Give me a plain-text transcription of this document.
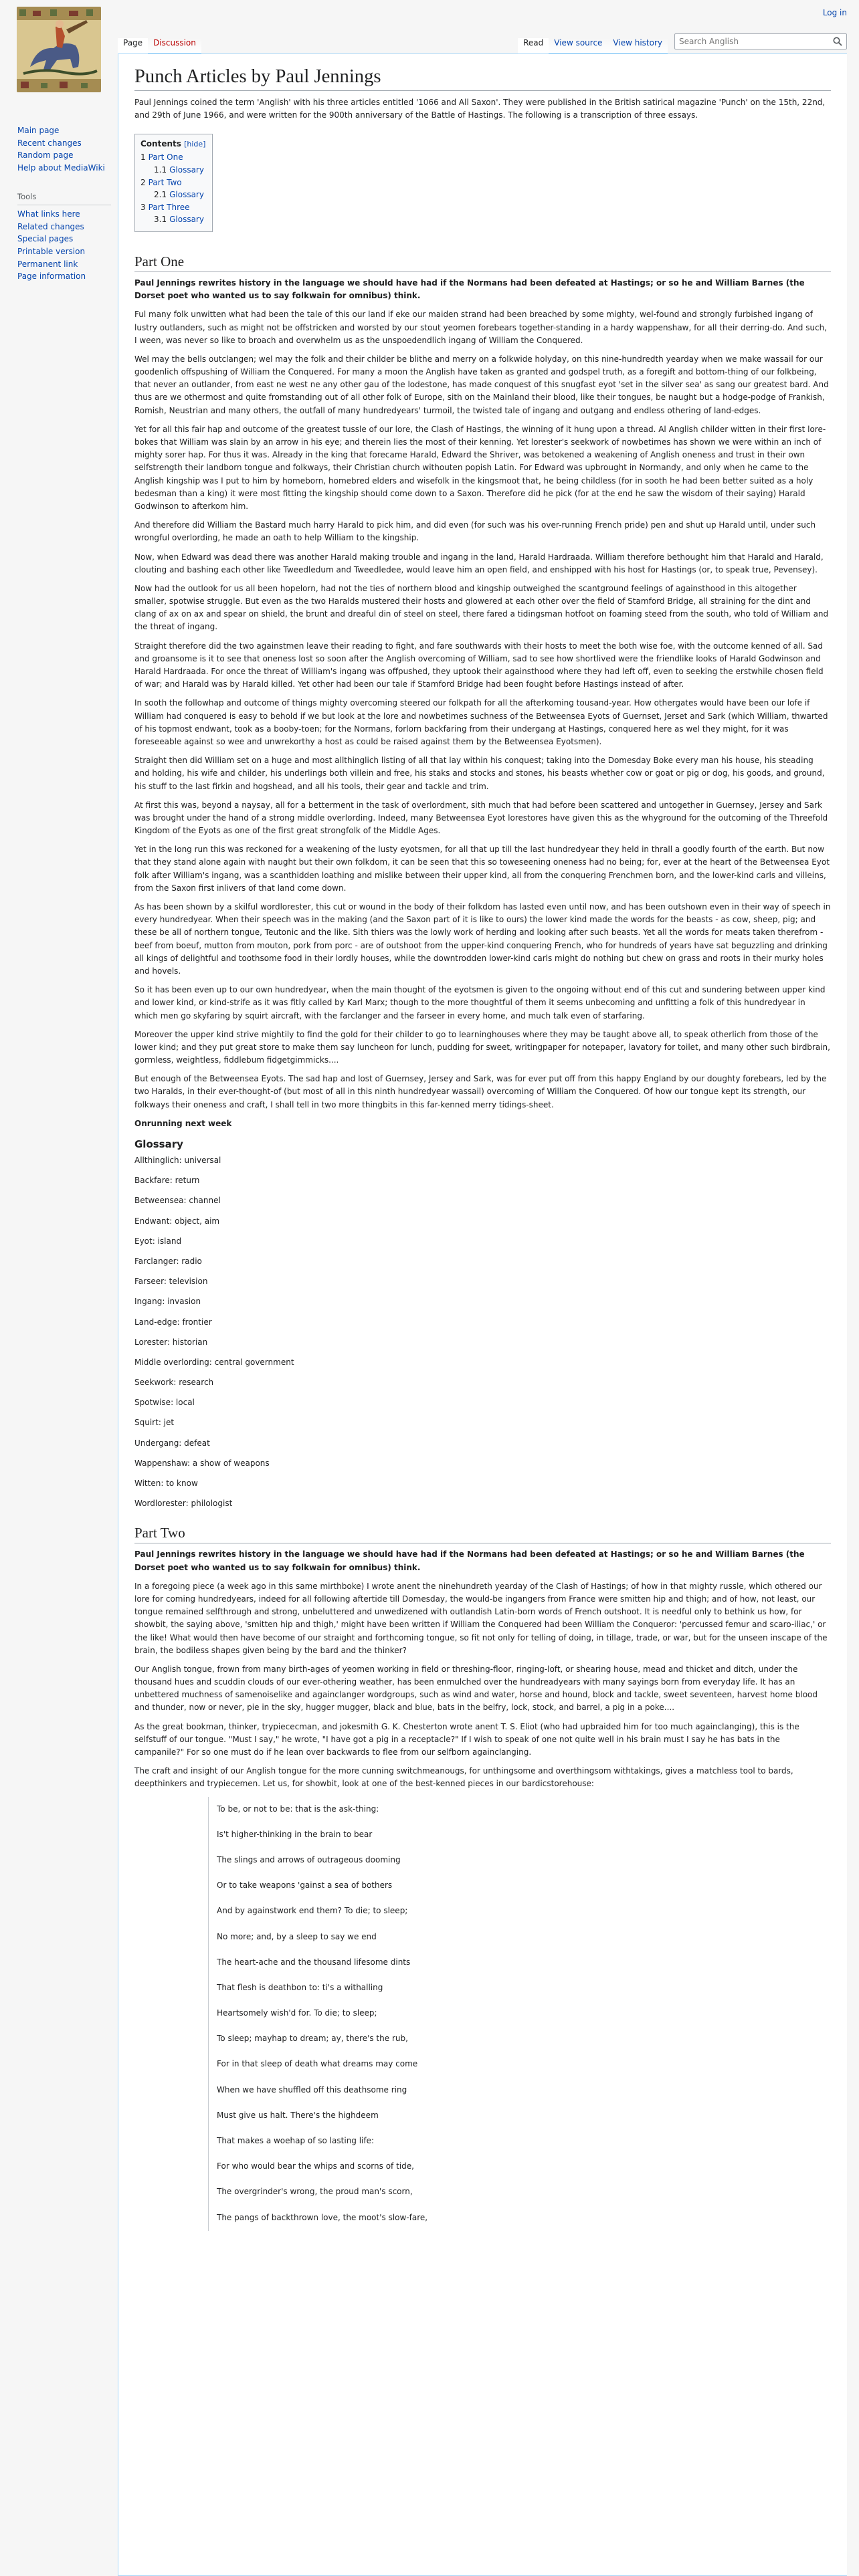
Log in
Main page
Recent changes
Random page
Help about MediaWiki
Tools
What links here
Related changes
Special pages
Printable version
Permanent link
Page information
Page	Discussion	Read	View source	View history
Search Anglish
Punch Articles by Paul Jennings

Paul Jennings coined the term 'Anglish' with his three articles entitled '1066 and All Saxon'. They were published in the British satirical magazine 'Punch' on the 15th, 22nd, and 29th of June 1966, and were written for the 900th anniversary of the Battle of Hastings. The following is a transcription of three essays.

Contents [hide]
1 Part One
1.1 Glossary
2 Part Two
2.1 Glossary
3 Part Three
3.1 Glossary
Part One

Paul Jennings rewrites history in the language we should have had if the Normans had been defeated at Hastings; or so he and William Barnes (the Dorset poet who wanted us to say folkwain for omnibus) think.

Ful many folk unwitten what had been the tale of this our land if eke our maiden strand had been breached by some mighty, wel-found and strongly furbished ingang of lustry outlanders, such as might not be offstricken and worsted by our stout yeomen forebears together-standing in a hardy wappenshaw, for all their derring-do. And such, I ween, was never so like to broach and overwhelm us as the unspoedendlich ingang of William the Conquered.

Wel may the bells outclangen; wel may the folk and their childer be blithe and merry on a folkwide holyday, on this nine-hundredth yearday when we make wassail for our goodenlich offspushing of William the Conquered. For many a moon the Anglish have taken as granted and godspel truth, as a foregift and bottom-thing of our folkbeing, that never an outlander, from east ne west ne any other gau of the lodestone, has made conquest of this snugfast eyot 'set in the silver sea' as sang our greatest bard. And thus are we othermost and quite fromstanding out of all other folk of Europe, sith on the Mainland their blood, like their tongues, be naught but a hodge-podge of Frankish, Romish, Neustrian and many others, the outfall of many hundredyears' turmoil, the twisted tale of ingang and outgang and endless othering of land-edges.

Yet for all this fair hap and outcome of the greatest tussle of our lore, the Clash of Hastings, the winning of it hung upon a thread. Al Anglish childer witten in their first lore-bokes that William was slain by an arrow in his eye; and therein lies the most of their kenning. Yet lorester's seekwork of nowbetimes has shown we were within an inch of mighty sorer hap. For thus it was. Already in the king that forecame Harald, Edward the Shriver, was betokened a weakening of Anglish oneness and trust in their own selfstrength their landborn tongue and folkways, their Christian church withouten popish Latin. For Edward was upbrought in Normandy, and only when he came to the Anglish kingship was I put to him by homeborn, homebred elders and wisefolk in the kingsmoot that, he being childless (for in sooth he had been better suited as a holy bedesman than a king) it were most fitting the kingship should come down to a Saxon. Therefore did he pick (for at the end he saw the wisdom of their saying) Harald Godwinson to afterkom him.

And therefore did William the Bastard much harry Harald to pick him, and did even (for such was his over-running French pride) pen and shut up Harald until, under such wrongful overlording, he made an oath to help William to the kingship.

Now, when Edward was dead there was another Harald making trouble and ingang in the land, Harald Hardraada. William therefore bethought him that Harald and Harald, clouting and bashing each other like Tweedledum and Tweedledee, would leave him an open field, and enshipped with his host for Hastings (or, to speak true, Pevensey).

Now had the outlook for us all been hopelorn, had not the ties of northern blood and kingship outweighed the scantground feelings of againsthood in this altogether smaller, spotwise struggle. But even as the two Haralds mustered their hosts and glowered at each other over the field of Stamford Bridge, all straining for the dint and clang of ax on ax and spear on shield, the brunt and dreaful din of steel on steel, there fared a tidingsman hotfoot on foaming steed from the south, who told of William and the threat of ingang.

Straight therefore did the two againstmen leave their reading to fight, and fare southwards with their hosts to meet the both wise foe, with the outcome kenned of all. Sad and groansome is it to see that oneness lost so soon after the Anglish overcoming of William, sad to see how shortlived were the friendlike looks of Harald Godwinson and Harald Hardraada. For once the threat of William's ingang was offpushed, they uptook their againsthood where they had left off, even to seeking the erstwhile chosen field of war; and Harald was by Harald killed. Yet other had been our tale if Stamford Bridge had been fought before Hastings instead of after.

In sooth the followhap and outcome of things mighty overcoming steered our folkpath for all the afterkoming tousand-year. How othergates would have been our lofe if William had conquered is easy to behold if we but look at the lore and nowbetimes suchness of the Betweensea Eyots of Guernset, Jerset and Sark (which William, thwarted of his topmost endwant, took as a booby-toen; for the Normans, forlorn backfaring from their undergang at Hastings, conquered here as wel they might, for it was foreseeable against so wee and unwrekorthy a host as could be raised against them by the Betweensea Eyotsmen).

Straight then did William set on a huge and most allthinglich listing of all that lay within his conquest; taking into the Domesday Boke every man his house, his steading and holding, his wife and childer, his underlings both villein and free, his staks and stocks and stones, his beasts whether cow or goat or pig or dog, his goods, and ground, his stuff to the last firkin and hogshead, and all his tools, their gear and tackle and trim.

At first this was, beyond a naysay, all for a betterment in the task of overlordment, sith much that had before been scattered and untogether in Guernsey, Jersey and Sark was brought under the hand of a strong middle overlording. Indeed, many Betweensea Eyot lorestores have given this as the whyground for the outcoming of the Threefold Kingdom of the Eyots as one of the first great strongfolk of the Middle Ages.

Yet in the long run this was reckoned for a weakening of the lusty eyotsmen, for all that up till the last hundredyear they held in thrall a goodly fourth of the earth. But now that they stand alone again with naught but their own folkdom, it can be seen that this so toweseening oneness had no being; for, ever at the heart of the Betweensea Eyot folk after William's ingang, was a scanthidden loathing and mislike between their upper kind, all from the conquering Frenchmen born, and the lower-kind carls and villeins, from the Saxon first inlivers of that land come down.

As has been shown by a skilful wordlorester, this cut or wound in the body of their folkdom has lasted even until now, and has been outshown even in their way of speech in every hundredyear. When their speech was in the making (and the Saxon part of it is like to ours) the lower kind made the words for the beasts - as cow, sheep, pig; and these be all of northern tongue, Teutonic and the like. Sith thiers was the lowly work of herding and looking after such beasts. Yet all the words for meats taken therefrom - beef from boeuf, mutton from mouton, pork from porc - are of outshoot from the upper-kind conquering French, who for hundreds of years have sat beguzzling and drinking all kings of delightful and toothsome food in their lordly houses, while the downtrodden lower-kind carls might do nothing but chew on grass and roots in their murky holes and hovels.

So it has been even up to our own hundredyear, when the main thought of the eyotsmen is given to the ongoing without end of this cut and sundering between upper kind and lower kind, or kind-strife as it was fitly called by Karl Marx; though to the more thoughtful of them it seems unbecoming and unfitting a folk of this hundredyear in which men go skyfaring by squirt aircraft, with the farclanger and the farseer in every home, and much talk even of starfaring.

Moreover the upper kind strive mightily to find the gold for their childer to go to learninghouses where they may be taught above all, to speak otherlich from those of the lower kind; and they put great store to make them say luncheon for lunch, pudding for sweet, writingpaper for notepaper, lavatory for toilet, and many other such birdbrain, gormless, weightless, fiddlebum fidgetgimmicks....

But enough of the Betweensea Eyots. The sad hap and lost of Guernsey, Jersey and Sark, was for ever put off from this happy England by our doughty forebears, led by the two Haralds, in their ever-thought-of (but most of all in this ninth hundredyear wassail) overcoming of William the Conquered. Of how our tongue kept its strength, our folkways their oneness and craft, I shall tell in two more thingbits in this far-kenned merry tidings-sheet.

Onrunning next week

Glossary
Allthinglich: universal
Backfare: return
Betweensea: channel
Endwant: object, aim
Eyot: island
Farclanger: radio
Farseer: television
Ingang: invasion
Land-edge: frontier
Lorester: historian
Middle overlording: central government
Seekwork: research
Spotwise: local
Squirt: jet
Undergang: defeat
Wappenshaw: a show of weapons
Witten: to know
Wordlorester: philologist
Part Two

Paul Jennings rewrites history in the language we should have had if the Normans had been defeated at Hastings; or so he and William Barnes (the Dorset poet who wanted us to say folkwain for omnibus) think.

In a foregoing piece (a week ago in this same mirthboke) I wrote anent the ninehundreth yearday of the Clash of Hastings; of how in that mighty russle, which othered our lore for coming hundredyears, indeed for all following aftertide till Domesday, the would-be ingangers from France were smitten hip and thigh; and of how, not least, our tongue remained selfthrough and strong, unbeluttered and unwedizened with outlandish Latin-born words of French outshoot. It is needful only to bethink us how, for showbit, the saying above, 'smitten hip and thigh,' might have been written if William the Conquered had been William the Conqueror: 'percussed femur and scaro-iliac,' or the like! What would then have become of our straight and forthcoming tongue, so fit not only for telling of doing, in tillage, trade, or war, but for the unseen inscape of the brain, the bodiless shapes given being by the bard and the thinker?

Our Anglish tongue, frown from many birth-ages of yeomen working in field or threshing-floor, ringing-loft, or shearing house, mead and thicket and ditch, under the thousand hues and scuddin clouds of our ever-othering weather, has been enmulched over the hundreadyears with many sayings born from everyday life. It has an unbettered muchness of samenoiselike and againclanger wordgroups, such as wind and water, horse and hound, block and tackle, sweet seventeen, harvest home blood and thunder, now or never, pie in the sky, hugger mugger, black and blue, bats in the belfry, lock, stock, and barrel, a pig in a poke....

As the great bookman, thinker, trypiececman, and jokesmith G. K. Chesterton wrote anent T. S. Eliot (who had upbraided him for too much againclanging), this is the selfstuff of our tongue. "Must I say," he wrote, "I have got a pig in a receptacle?" If I wish to speak of one not quite well in his brain must I say he has bats in the campanile?" For so one must do if he lean over backwards to flee from our selfborn againclanging.

The craft and insight of our Anglish tongue for the more cunning switchmeanougs, for unthingsome and overthingsom withtakings, gives a matchless tool to bards, deepthinkers and trypiecemen. Let us, for showbit, look at one of the best-kenned pieces in our bardicstorehouse:

To be, or not to be: that is the ask-thing:

Is't higher-thinking in the brain to bear

The slings and arrows of outrageous dooming

Or to take weapons 'gainst a sea of bothers

And by againstwork end them? To die; to sleep;

No more; and, by a sleep to say we end

The heart-ache and the thousand lifesome dints

That flesh is deathbon to: ti's a withalling

Heartsomely wish'd for. To die; to sleep;

To sleep; mayhap to dream; ay, there's the rub,

For in that sleep of death what dreams may come

When we have shuffled off this deathsome ring

Must give us halt. There's the highdeem

That makes a woehap of so lasting life:

For who would bear the whips and scorns of tide,

The overgrinder's wrong, the proud man's scorn,

The pangs of backthrown love, the moot's slow-fare,
